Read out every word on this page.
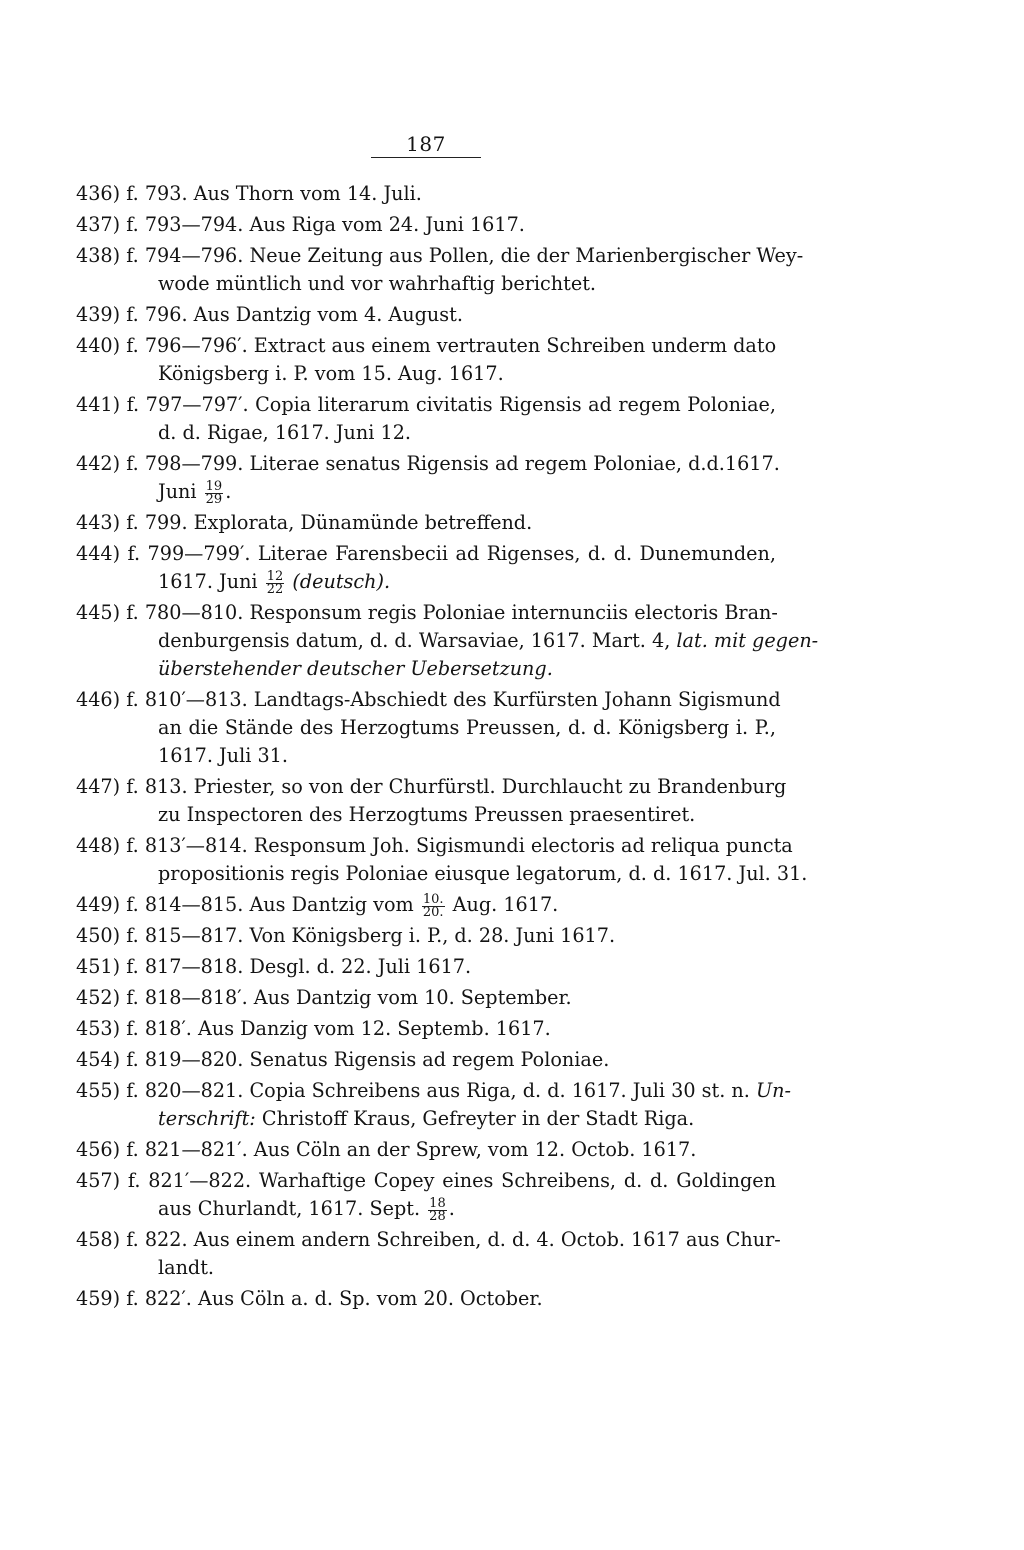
187
436) f. 793. Aus Thorn vom 14. Juli.
437) f. 793—794. Aus Riga vom 24. Juni 1617.
438) f. 794—796. Neue Zeitung aus Pollen, die der Marienbergischer Wey-
wode müntlich und vor wahrhaftig berichtet.
439) f. 796. Aus Dantzig vom 4. August.
440) f. 796—796′. Extract aus einem vertrauten Schreiben underm dato
Königsberg i. P. vom 15. Aug. 1617.
441) f. 797—797′. Copia literarum civitatis Rigensis ad regem Poloniae,
d. d. Rigae, 1617. Juni 12.
442) f. 798—799. Literae senatus Rigensis ad regem Poloniae, d.d.1617.
Juni $\frac{19}{29}$ .
443) f. 799. Explorata, Dünamünde betreffend.
444) f. 799—799′. Literae Farensbecii ad Rigenses, d. d. Dunemunden,
1617. Juni $\frac{12}{22}$ (deutsch).
445) f. 780—810. Responsum regis Poloniae internunciis electoris Bran-
denburgensis datum, d. d. Warsaviae, 1617. Mart. 4, lat. mit gegen-
überstehender deutscher Uebersetzung.
446) f. 810′—813. Landtags-Abschiedt des Kurfürsten Johann Sigismund
an die Stände des Herzogtums Preussen, d. d. Königsberg i. P.,
1617. Juli 31.
447) f. 813. Priester, so von der Churfürstl. Durchlaucht zu Brandenburg
zu Inspectoren des Herzogtums Preussen praesentiret.
448) f. 813′—814. Responsum Joh. Sigismundi electoris ad reliqua puncta
propositionis regis Poloniae eiusque legatorum, d. d. 1617. Jul. 31.
449) f. 814—815. Aus Dantzig vom $\frac{10.}{20.}$ Aug. 1617.
450) f. 815—817. Von Königsberg i. P., d. 28. Juni 1617.
451) f. 817—818. Desgl. d. 22. Juli 1617.
452) f. 818—818′. Aus Dantzig vom 10. September.
453) f. 818′. Aus Danzig vom 12. Septemb. 1617.
454) f. 819—820. Senatus Rigensis ad regem Poloniae.
455) f. 820—821. Copia Schreibens aus Riga, d. d. 1617. Juli 30 st. n. Un-
terschrift: Christoff Kraus, Gefreyter in der Stadt Riga.
456) f. 821—821′. Aus Cöln an der Sprew, vom 12. Octob. 1617.
457) f. 821′—822. Warhaftige Copey eines Schreibens, d. d. Goldingen
aus Churlandt, 1617. Sept. $\frac{18}{28}$ .
458) f. 822. Aus einem andern Schreiben, d. d. 4. Octob. 1617 aus Chur-
landt.
459) f. 822′. Aus Cöln a. d. Sp. vom 20. October.
